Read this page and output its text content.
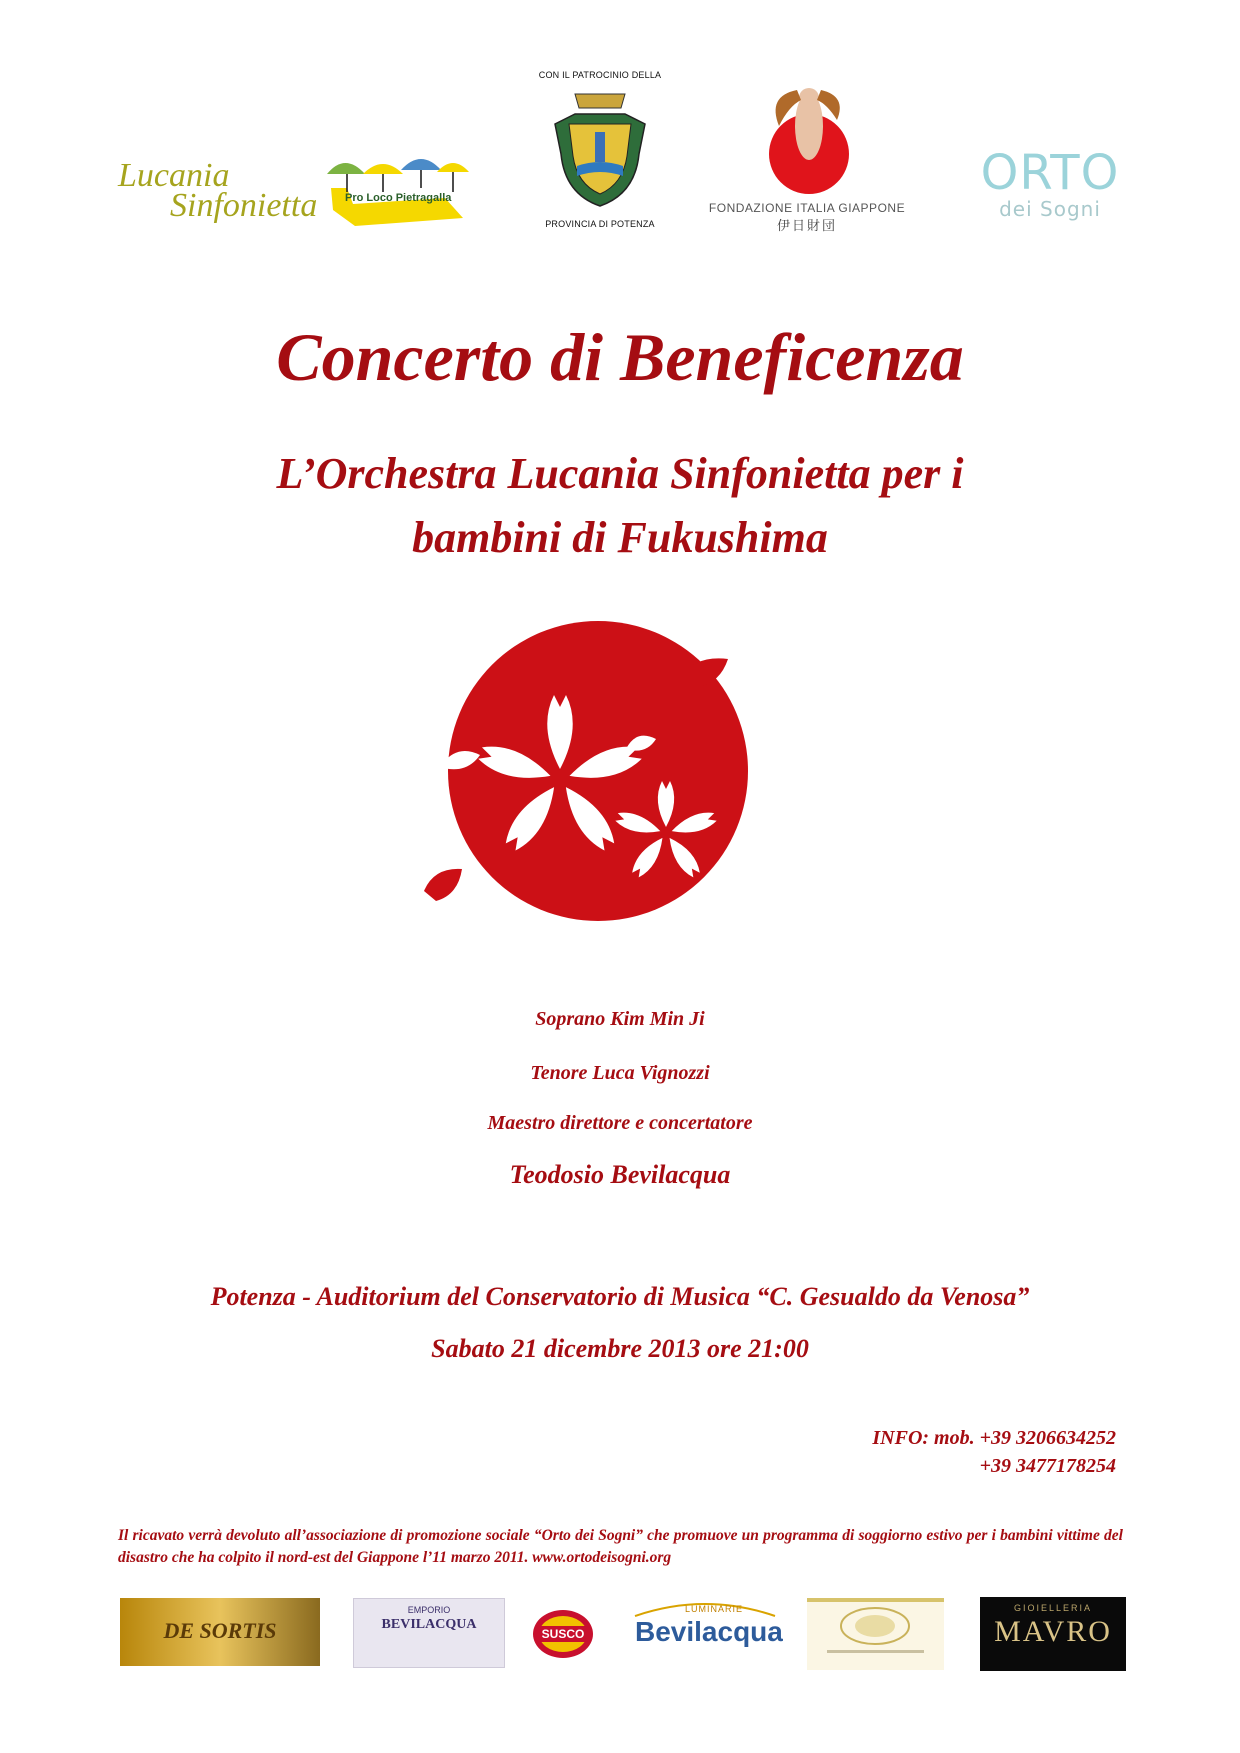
Lucania
Sinfonietta	Pro Loco Pietragalla
CON IL PATROCINIO DELLA
PROVINCIA DI POTENZA
FONDAZIONE ITALIA GIAPPONE
伊日財団
ORTO
dei Sogni
Concerto di Beneficenza
L’Orchestra Lucania Sinfonietta per i
bambini di Fukushima
Soprano Kim Min Ji
Tenore Luca Vignozzi
Maestro direttore e concertatore
Teodosio Bevilacqua
Potenza - Auditorium del Conservatorio di Musica “C. Gesualdo da Venosa”
Sabato 21 dicembre 2013 ore 21:00
INFO: mob. +39 3206634252
+39 3477178254
Il ricavato verrà devoluto all’associazione di promozione sociale “Orto dei Sogni” che promuove un programma di soggiorno estivo per i bambini vittime del disastro che ha colpito il nord-est del Giappone l’11 marzo 2011. www.ortodeisogni.org
DE SORTIS
EMPORIO
BEVILACQUA
SUSCO
LUMINARIE
Bevilacqua
GIOIELLERIA
MAVRO
